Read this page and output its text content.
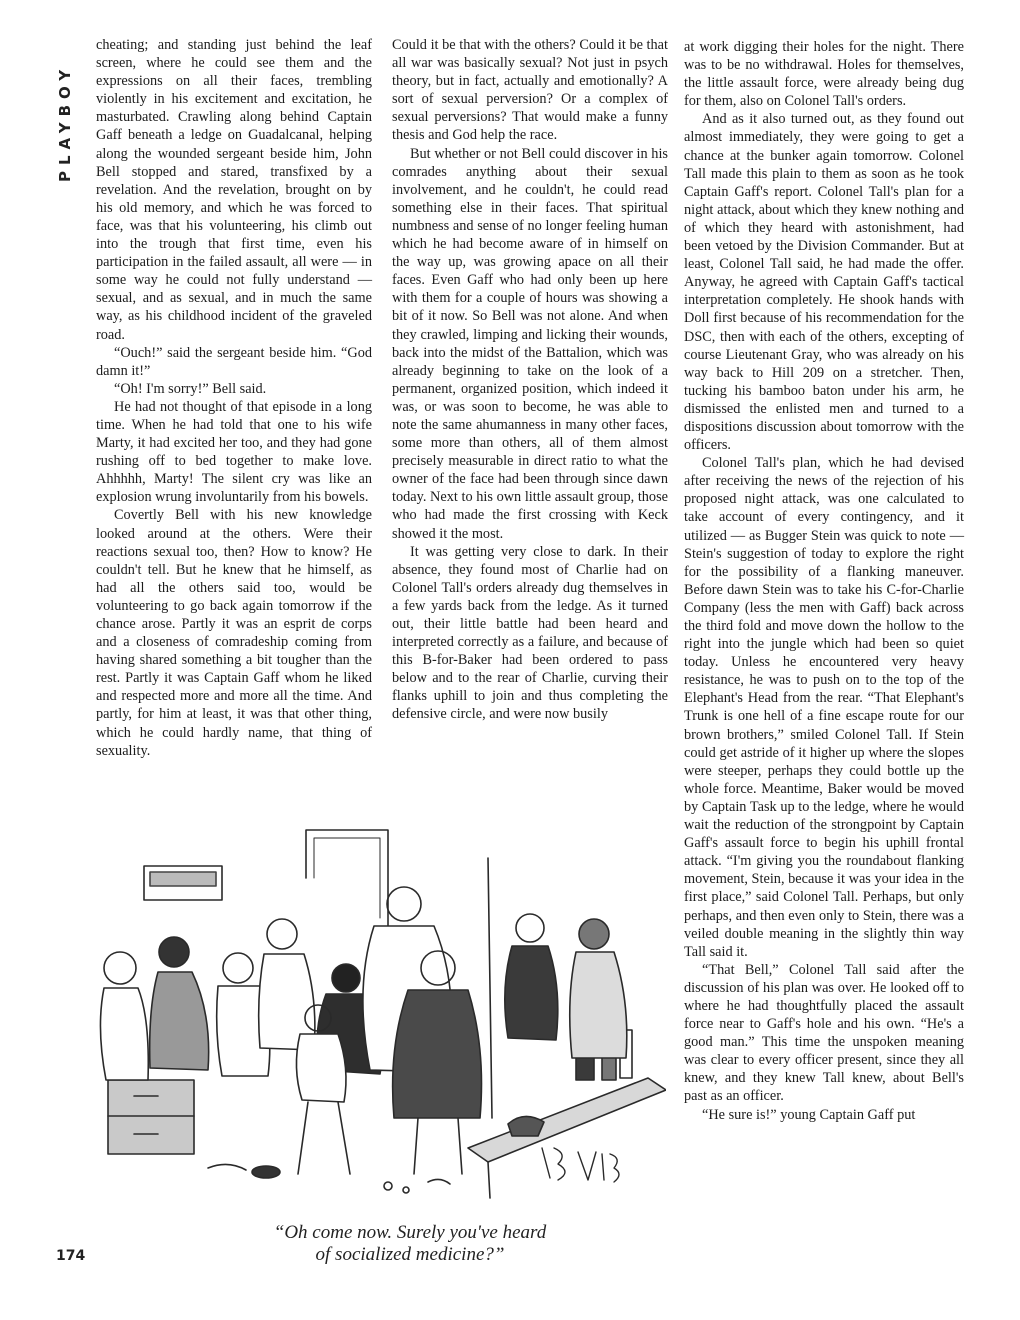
PLAYBOY

cheating; and standing just behind the leaf screen, where he could see them and the expressions on all their faces, trembling violently in his excitement and excitation, he masturbated. Crawling along behind Captain Gaff beneath a ledge on Guadalcanal, helping along the wounded sergeant beside him, John Bell stopped and stared, transfixed by a revelation. And the revelation, brought on by his old memory, and which he was forced to face, was that his volunteering, his climb out into the trough that first time, even his participation in the failed assault, all were — in some way he could not fully understand — sexual, and as sexual, and in much the same way, as his childhood incident of the graveled road.

“Ouch!” said the sergeant beside him. “God damn it!”

“Oh! I'm sorry!” Bell said.

He had not thought of that episode in a long time. When he had told that one to his wife Marty, it had excited her too, and they had gone rushing off to bed together to make love. Ahhhhh, Marty! The silent cry was like an explosion wrung involuntarily from his bowels.

Covertly Bell with his new knowledge looked around at the others. Were their reactions sexual too, then? How to know? He couldn't tell. But he knew that he himself, as had all the others said too, would be volunteering to go back again tomorrow if the chance arose. Partly it was an esprit de corps and a closeness of comradeship coming from having shared something a bit tougher than the rest. Partly it was Captain Gaff whom he liked and respected more and more all the time. And partly, for him at least, it was that other thing, which he could hardly name, that thing of sexuality.

Could it be that with the others? Could it be that all war was basically sexual? Not just in psych theory, but in fact, actually and emotionally? A sort of sexual perversion? Or a complex of sexual perversions? That would make a funny thesis and God help the race.

But whether or not Bell could discover in his comrades anything about their sexual involvement, and he couldn't, he could read something else in their faces. That spiritual numbness and sense of no longer feeling human which he had become aware of in himself on the way up, was growing apace on all their faces. Even Gaff who had only been up here with them for a couple of hours was showing a bit of it now. So Bell was not alone. And when they crawled, limping and licking their wounds, back into the midst of the Battalion, which was already beginning to take on the look of a permanent, organized position, which indeed it was, or was soon to become, he was able to note the same ahumanness in many other faces, some more than others, all of them almost precisely measurable in direct ratio to what the owner of the face had been through since dawn today. Next to his own little assault group, those who had made the first crossing with Keck showed it the most.

It was getting very close to dark. In their absence, they found most of Charlie had on Colonel Tall's orders already dug themselves in a few yards back from the ledge. As it turned out, their little battle had been heard and interpreted correctly as a failure, and because of this B-for-Baker had been ordered to pass below and to the rear of Charlie, curving their flanks uphill to join and thus completing the defensive circle, and were now busily

at work digging their holes for the night. There was to be no withdrawal. Holes for themselves, the little assault force, were already being dug for them, also on Colonel Tall's orders.

And as it also turned out, as they found out almost immediately, they were going to get a chance at the bunker again tomorrow. Colonel Tall made this plain to them as soon as he took Captain Gaff's report. Colonel Tall's plan for a night attack, about which they knew nothing and of which they heard with astonishment, had been vetoed by the Division Commander. But at least, Colonel Tall said, he had made the offer. Anyway, he agreed with Captain Gaff's tactical interpretation completely. He shook hands with Doll first because of his recommendation for the DSC, then with each of the others, excepting of course Lieutenant Gray, who was already on his way back to Hill 209 on a stretcher. Then, tucking his bamboo baton under his arm, he dismissed the enlisted men and turned to a dispositions discussion about tomorrow with the officers.

Colonel Tall's plan, which he had devised after receiving the news of the rejection of his proposed night attack, was one calculated to take account of every contingency, and it utilized — as Bugger Stein was quick to note — Stein's suggestion of today to explore the right for the possibility of a flanking maneuver. Before dawn Stein was to take his C-for-Charlie Company (less the men with Gaff) back across the third fold and move down the hollow to the right into the jungle which had been so quiet today. Unless he encountered very heavy resistance, he was to push on to the top of the Elephant's Head from the rear. “That Elephant's Trunk is one hell of a fine escape route for our brown brothers,” smiled Colonel Tall. If Stein could get astride of it higher up where the slopes were steeper, perhaps they could bottle up the whole force. Meantime, Baker would be moved by Captain Task up to the ledge, where he would wait the reduction of the strongpoint by Captain Gaff's assault force to begin his uphill frontal attack. “I'm giving you the roundabout flanking movement, Stein, because it was your idea in the first place,” said Colonel Tall. Perhaps, but only perhaps, and then even only to Stein, there was a veiled double meaning in the slightly thin way Tall said it.

“That Bell,” Colonel Tall said after the discussion of his plan was over. He looked off to where he had thoughtfully placed the assault force near to Gaff's hole and his own. “He's a good man.” This time the unspoken meaning was clear to every officer present, since they all knew, and they knew Tall knew, about Bell's past as an officer.

“He sure is!” young Captain Gaff put

“Oh come now. Surely you've heard
of socialized medicine?”
174
